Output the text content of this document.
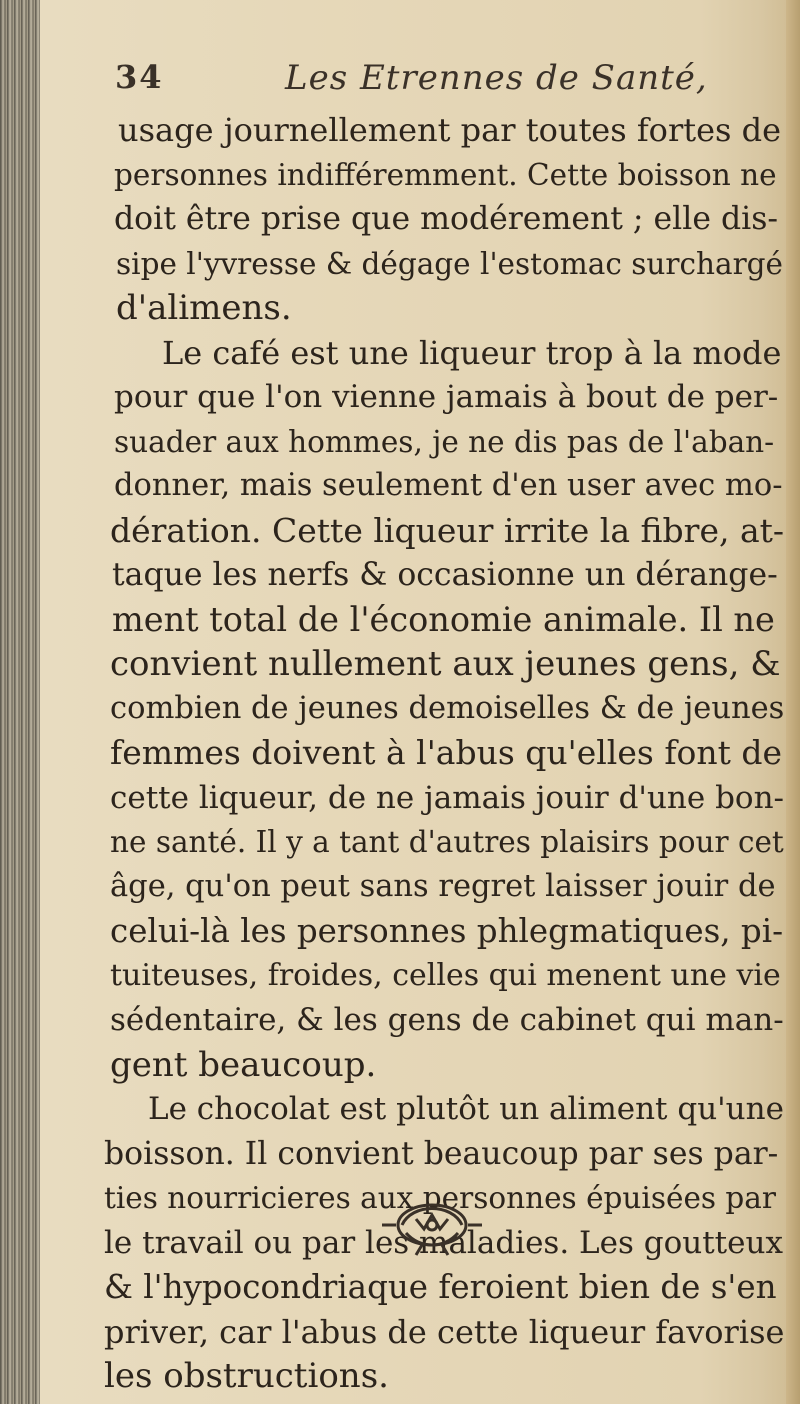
34	Les Etrennes de Santé,
usage journellement par toutes fortes de
personnes indifféremment. Cette boisson ne
doit être prise que modérement ; elle dis-
sipe l'yvresse & dégage l'estomac surchargé
d'alimens.
Le café est une liqueur trop à la mode
pour que l'on vienne jamais à bout de per-
suader aux hommes, je ne dis pas de l'aban-
donner, mais seulement d'en user avec mo-
dération. Cette liqueur irrite la fibre, at-
taque les nerfs & occasionne un dérange-
ment total de l'économie animale. Il ne
convient nullement aux jeunes gens, &
combien de jeunes demoiselles & de jeunes
femmes doivent à l'abus qu'elles font de
cette liqueur, de ne jamais jouir d'une bon-
ne santé. Il y a tant d'autres plaisirs pour cet
âge, qu'on peut sans regret laisser jouir de
celui-là les personnes phlegmatiques, pi-
tuiteuses, froides, celles qui menent une vie
sédentaire, & les gens de cabinet qui man-
gent beaucoup.
Le chocolat est plutôt un aliment qu'une
boisson. Il convient beaucoup par ses par-
ties nourricieres aux personnes épuisées par
le travail ou par les maladies. Les goutteux
& l'hypocondriaque feroient bien de s'en
priver, car l'abus de cette liqueur favorise
les obstructions.
